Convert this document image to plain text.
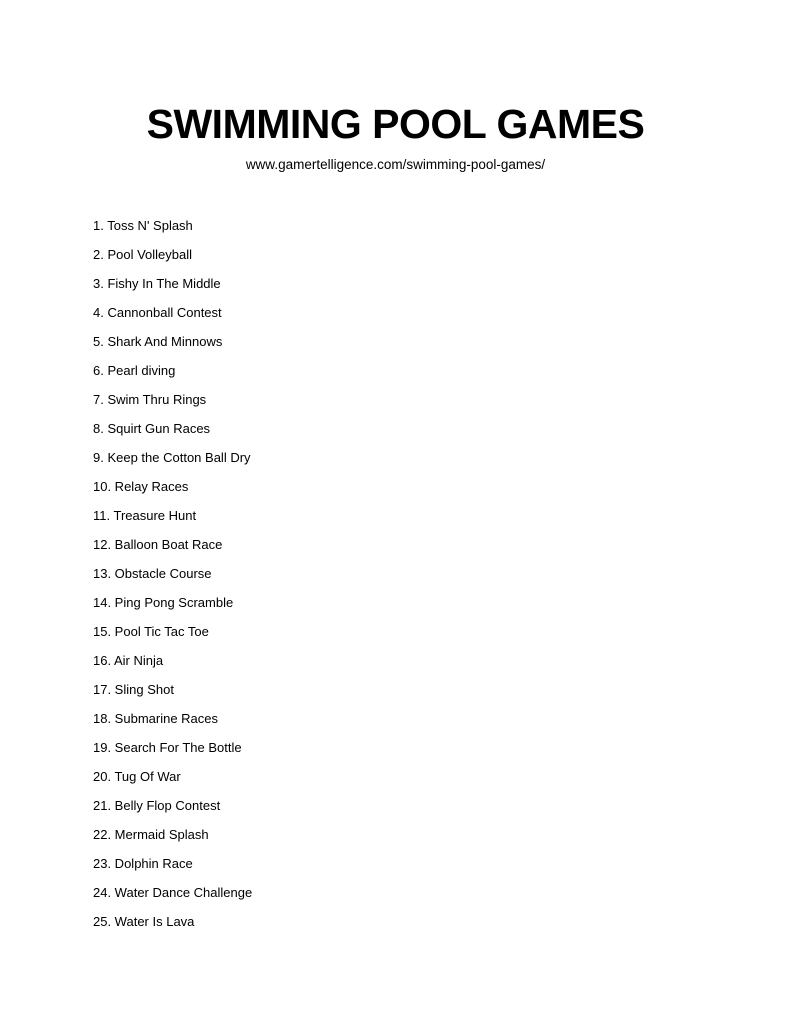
SWIMMING POOL GAMES
www.gamertelligence.com/swimming-pool-games/
1. Toss N' Splash
2. Pool Volleyball
3. Fishy In The Middle
4. Cannonball Contest
5. Shark And Minnows
6. Pearl diving
7. Swim Thru Rings
8. Squirt Gun Races
9. Keep the Cotton Ball Dry
10. Relay Races
11. Treasure Hunt
12. Balloon Boat Race
13. Obstacle Course
14. Ping Pong Scramble
15. Pool Tic Tac Toe
16. Air Ninja
17. Sling Shot
18. Submarine Races
19. Search For The Bottle
20. Tug Of War
21. Belly Flop Contest
22. Mermaid Splash
23. Dolphin Race
24. Water Dance Challenge
25. Water Is Lava
